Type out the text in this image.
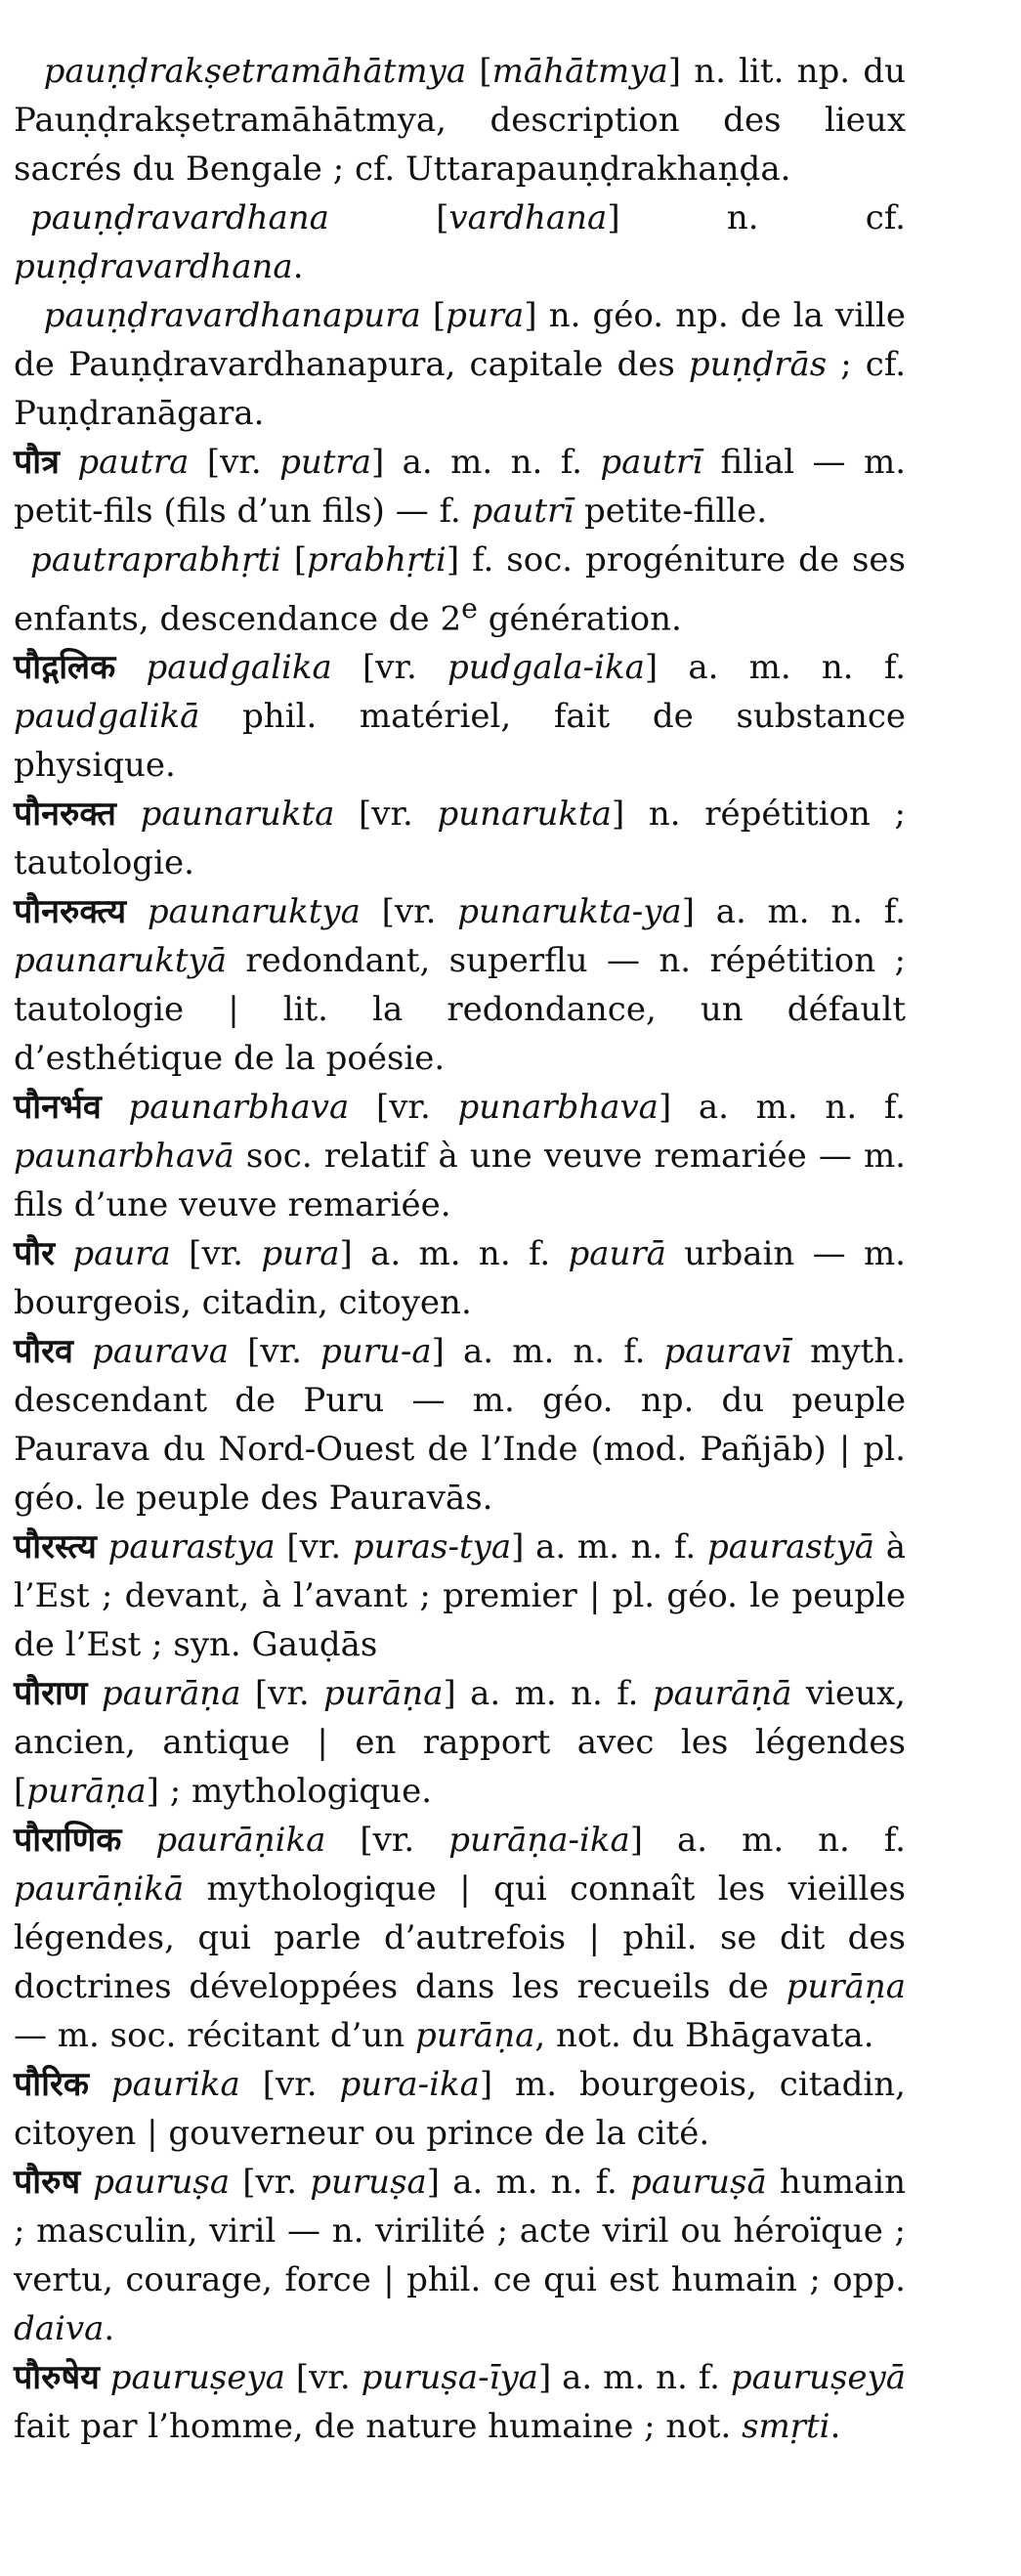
pauṇḍrakṣetramāhātmya [māhātmya] n. lit. np. du Pauṇḍrakṣetramāhātmya, description des lieux sacrés du Bengale ; cf. Uttarapauṇḍrakhaṇḍa.

pauṇḍravardhana [vardhana] n. cf. puṇḍravardhana.

pauṇḍravardhanapura [pura] n. géo. np. de la ville de Pauṇḍravardhanapura, capitale des puṇḍrās ; cf. Puṇḍranāgara.

पौत्र pautra [vr. putra] a. m. n. f. pautrī filial — m. petit-fils (fils d’un fils) — f. pautrī petite-fille.

pautraprabhṛti [prabhṛti] f. soc. progéniture de ses enfants, descendance de 2e génération.

पौद्गलिक paudgalika [vr. pudgala-ika] a. m. n. f. paudgalikā phil. matériel, fait de substance physique.

पौनरुक्त paunarukta [vr. punarukta] n. répétition ; tautologie.

पौनरुक्त्य paunaruktya [vr. punarukta-ya] a. m. n. f. paunaruktyā redondant, superflu — n. répétition ; tautologie | lit. la redondance, un défault d’esthétique de la poésie.

पौनर्भव paunarbhava [vr. punarbhava] a. m. n. f. paunarbhavā soc. relatif à une veuve remariée — m. fils d’une veuve remariée.

पौर paura [vr. pura] a. m. n. f. paurā urbain — m. bourgeois, citadin, citoyen.

पौरव paurava [vr. puru-a] a. m. n. f. pauravī myth. descendant de Puru — m. géo. np. du peuple Paurava du Nord-Ouest de l’Inde (mod. Pañjāb) | pl. géo. le peuple des Pauravās.

पौरस्त्य paurastya [vr. puras-tya] a. m. n. f. paurastyā à l’Est ; devant, à l’avant ; premier | pl. géo. le peuple de l’Est ; syn. Gauḍās

पौराण paurāṇa [vr. purāṇa] a. m. n. f. paurāṇā vieux, ancien, antique | en rapport avec les légendes [purāṇa] ; mythologique.

पौराणिक paurāṇika [vr. purāṇa-ika] a. m. n. f. paurāṇikā mythologique | qui connaît les vieilles légendes, qui parle d’autrefois | phil. se dit des doctrines développées dans les recueils de purāṇa — m. soc. récitant d’un purāṇa, not. du Bhāgavata.

पौरिक paurika [vr. pura-ika] m. bourgeois, citadin, citoyen | gouverneur ou prince de la cité.

पौरुष pauruṣa [vr. puruṣa] a. m. n. f. pauruṣā humain ; masculin, viril — n. virilité ; acte viril ou héroïque ; vertu, courage, force | phil. ce qui est humain ; opp. daiva.

पौरुषेय pauruṣeya [vr. puruṣa-īya] a. m. n. f. pauruṣeyā fait par l’homme, de nature humaine ; not. smṛti.
